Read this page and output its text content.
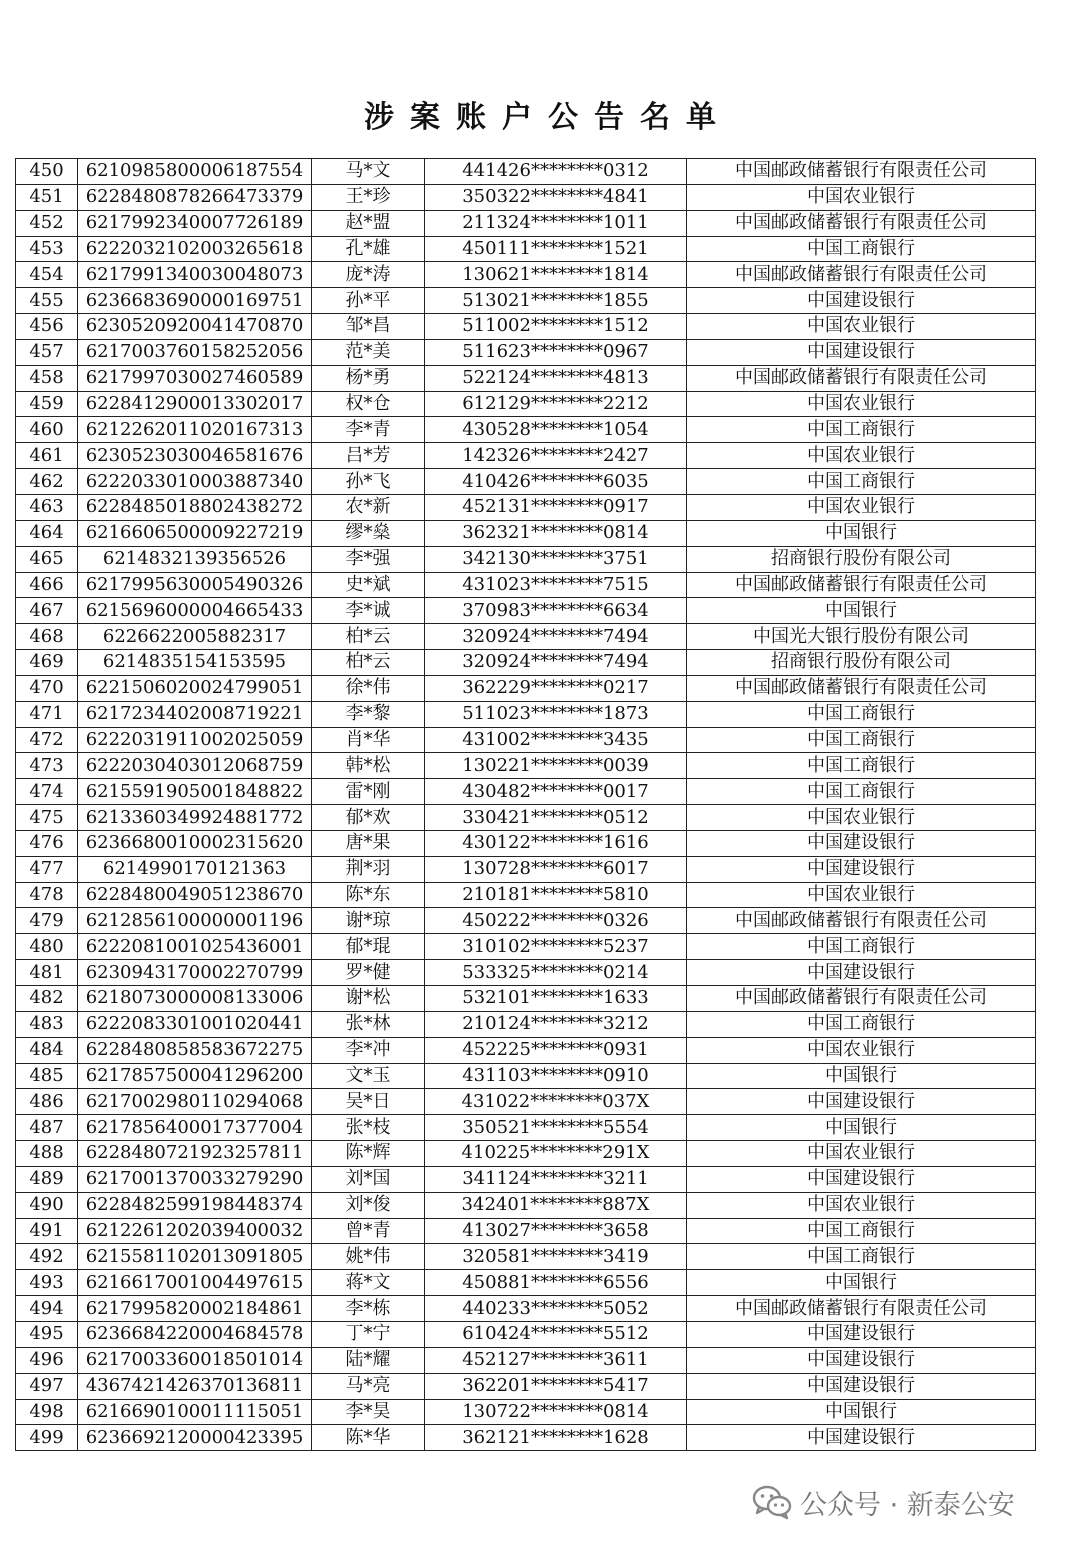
涉案账户公告名单
450	6210985800006187554	马*文	441426********0312	中国邮政储蓄银行有限责任公司
451	6228480878266473379	王*珍	350322********4841	中国农业银行
452	6217992340007726189	赵*盟	211324********1011	中国邮政储蓄银行有限责任公司
453	6222032102003265618	孔*雄	450111********1521	中国工商银行
454	6217991340030048073	庞*涛	130621********1814	中国邮政储蓄银行有限责任公司
455	6236683690000169751	孙*平	513021********1855	中国建设银行
456	6230520920041470870	邹*昌	511002********1512	中国农业银行
457	6217003760158252056	范*美	511623********0967	中国建设银行
458	6217997030027460589	杨*勇	522124********4813	中国邮政储蓄银行有限责任公司
459	6228412900013302017	权*仓	612129********2212	中国农业银行
460	6212262011020167313	李*青	430528********1054	中国工商银行
461	6230523030046581676	吕*芳	142326********2427	中国农业银行
462	6222033010003887340	孙*飞	410426********6035	中国工商银行
463	6228485018802438272	农*新	452131********0917	中国农业银行
464	6216606500009227219	缪*燊	362321********0814	中国银行
465	6214832139356526	李*强	342130********3751	招商银行股份有限公司
466	6217995630005490326	史*斌	431023********7515	中国邮政储蓄银行有限责任公司
467	6215696000004665433	李*诚	370983********6634	中国银行
468	6226622005882317	柏*云	320924********7494	中国光大银行股份有限公司
469	6214835154153595	柏*云	320924********7494	招商银行股份有限公司
470	6221506020024799051	徐*伟	362229********0217	中国邮政储蓄银行有限责任公司
471	6217234402008719221	李*黎	511023********1873	中国工商银行
472	6222031911002025059	肖*华	431002********3435	中国工商银行
473	6222030403012068759	韩*松	130221********0039	中国工商银行
474	6215591905001848822	雷*刚	430482********0017	中国工商银行
475	6213360349924881772	郁*欢	330421********0512	中国农业银行
476	6236680010002315620	唐*果	430122********1616	中国建设银行
477	6214990170121363	荆*羽	130728********6017	中国建设银行
478	6228480049051238670	陈*东	210181********5810	中国农业银行
479	6212856100000001196	谢*琼	450222********0326	中国邮政储蓄银行有限责任公司
480	6222081001025436001	郁*琨	310102********5237	中国工商银行
481	6230943170002270799	罗*健	533325********0214	中国建设银行
482	6218073000008133006	谢*松	532101********1633	中国邮政储蓄银行有限责任公司
483	6222083301001020441	张*林	210124********3212	中国工商银行
484	6228480858583672275	李*冲	452225********0931	中国农业银行
485	6217857500041296200	文*玉	431103********0910	中国银行
486	6217002980110294068	吴*日	431022********037X	中国建设银行
487	6217856400017377004	张*枝	350521********5554	中国银行
488	6228480721923257811	陈*辉	410225********291X	中国农业银行
489	6217001370033279290	刘*国	341124********3211	中国建设银行
490	6228482599198448374	刘*俊	342401********887X	中国农业银行
491	6212261202039400032	曾*青	413027********3658	中国工商银行
492	6215581102013091805	姚*伟	320581********3419	中国工商银行
493	6216617001004497615	蒋*文	450881********6556	中国银行
494	6217995820002184861	李*栋	440233********5052	中国邮政储蓄银行有限责任公司
495	6236684220004684578	丁*宁	610424********5512	中国建设银行
496	6217003360018501014	陆*耀	452127********3611	中国建设银行
497	4367421426370136811	马*亮	362201********5417	中国建设银行
498	6216690100011115051	李*昊	130722********0814	中国银行
499	6236692120000423395	陈*华	362121********1628	中国建设银行
公众号 · 新泰公安
